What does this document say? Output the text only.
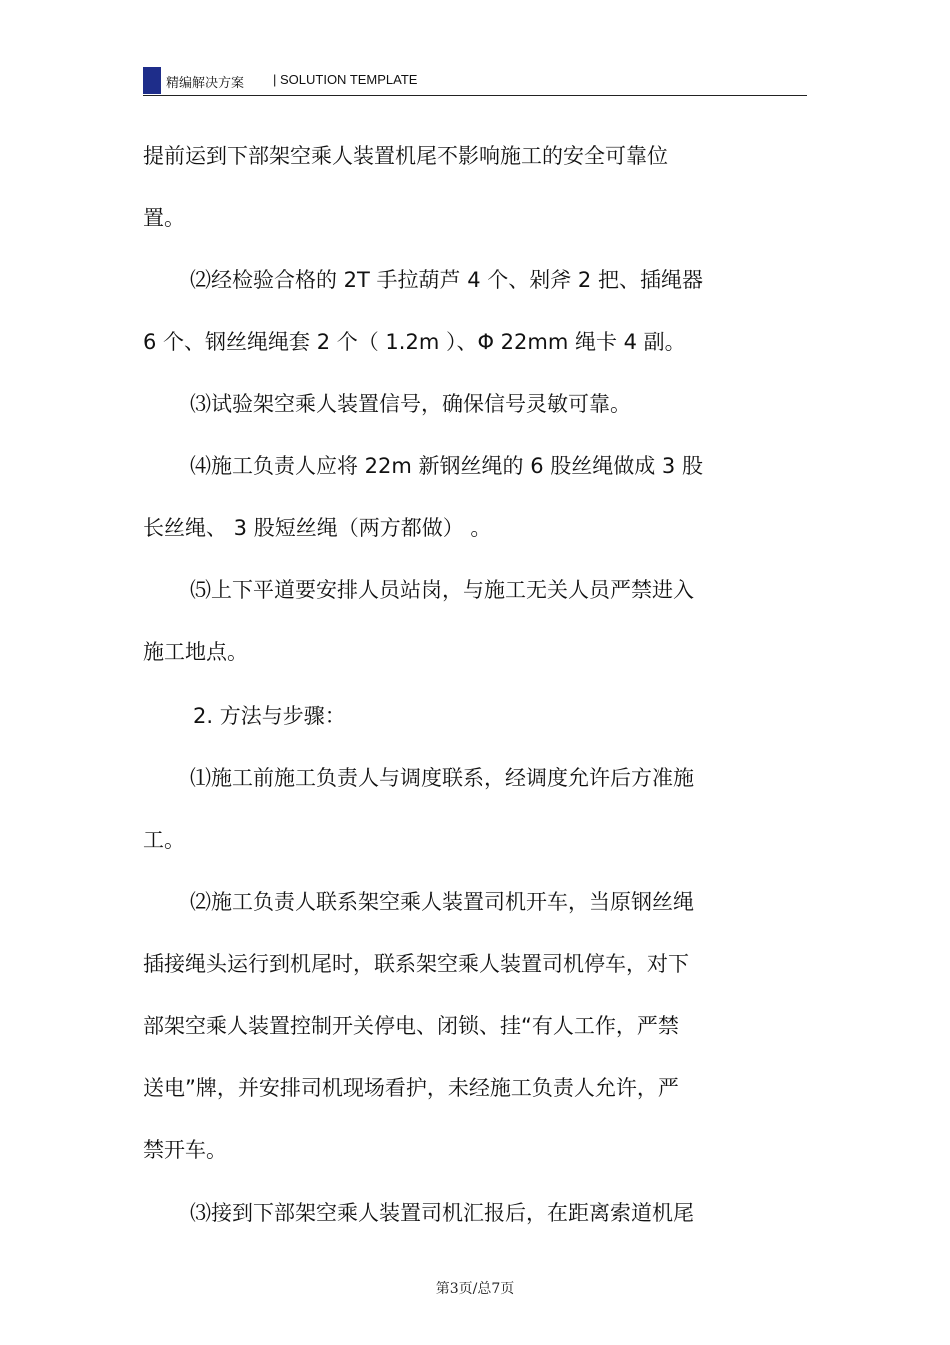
精编解决方案 | SOLUTION TEMPLATE
提前运到下部架空乘人装置机尾不影响施工的安全可靠位
置。
⑵经检验合格的 2T 手拉葫芦 4 个、剁斧 2 把、插绳器
6 个、钢丝绳绳套 2 个（ 1.2m ）、Φ 22mm 绳卡 4 副。
⑶试验架空乘人装置信号，确保信号灵敏可靠。
⑷施工负责人应将 22m 新钢丝绳的 6 股丝绳做成 3 股
长丝绳、 3 股短丝绳（两方都做） 。
⑸上下平道要安排人员站岗，与施工无关人员严禁进入
施工地点。
2. 方法与步骤：
⑴施工前施工负责人与调度联系，经调度允许后方准施
工。
⑵施工负责人联系架空乘人装置司机开车，当原钢丝绳
插接绳头运行到机尾时，联系架空乘人装置司机停车，对下
部架空乘人装置控制开关停电、闭锁、挂“有人工作，严禁
送电”牌，并安排司机现场看护，未经施工负责人允许，严
禁开车。
⑶接到下部架空乘人装置司机汇报后，在距离索道机尾
第3页/总7页
